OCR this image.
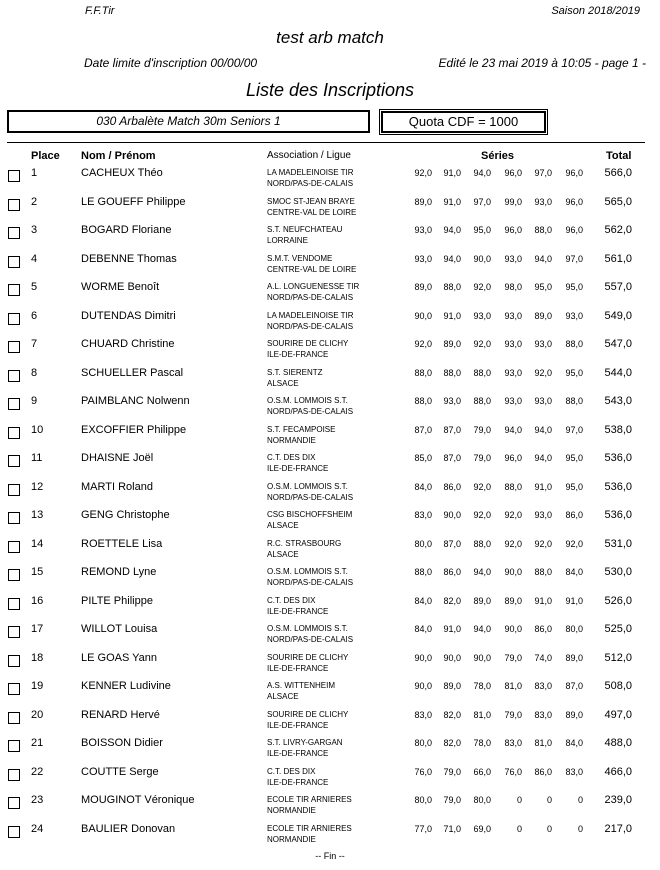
F.F.Tir	Saison 2018/2019
test arb match
Date limite d'inscription 00/00/00	Edité le 23 mai 2019 à 10:05 - page 1 -
Liste des Inscriptions
030 Arbalète Match 30m Seniors 1	Quota CDF = 1000
Place Nom / Prénom	Association / Ligue	Séries	Total
1	CACHEUX Théo	LA MADELEINOISE TIR
NORD/PAS-DE-CALAIS
92,0	91,0	94,0	96,0	97,0	96,0 566,0
2	LE GOUEFF Philippe	SMOC ST-JEAN BRAYE
CENTRE-VAL DE LOIRE
89,0	91,0	97,0	99,0	93,0	96,0 565,0
3	BOGARD Floriane	S.T. NEUFCHATEAU
LORRAINE
93,0	94,0	95,0	96,0	88,0	96,0 562,0
4	DEBENNE Thomas	S.M.T. VENDOME
CENTRE-VAL DE LOIRE
93,0	94,0	90,0	93,0	94,0	97,0 561,0
5	WORME Benoît	A.L. LONGUENESSE TIR
NORD/PAS-DE-CALAIS
89,0	88,0	92,0	98,0	95,0	95,0 557,0
6	DUTENDAS Dimitri	LA MADELEINOISE TIR
NORD/PAS-DE-CALAIS
90,0	91,0	93,0	93,0	89,0	93,0 549,0
7	CHUARD Christine	SOURIRE DE CLICHY
ILE-DE-FRANCE
92,0	89,0	92,0	93,0	93,0	88,0 547,0
8	SCHUELLER Pascal	S.T. SIERENTZ
ALSACE
88,0	88,0	88,0	93,0	92,0	95,0 544,0
9	PAIMBLANC Nolwenn	O.S.M. LOMMOIS S.T.
NORD/PAS-DE-CALAIS
88,0	93,0	88,0	93,0	93,0	88,0 543,0
10	EXCOFFIER Philippe	S.T. FECAMPOISE
NORMANDIE
87,0	87,0	79,0	94,0	94,0	97,0 538,0
11	DHAISNE Joël	C.T. DES DIX
ILE-DE-FRANCE
85,0	87,0	79,0	96,0	94,0	95,0 536,0
12	MARTI Roland	O.S.M. LOMMOIS S.T.
NORD/PAS-DE-CALAIS
84,0	86,0	92,0	88,0	91,0	95,0 536,0
13	GENG Christophe	CSG BISCHOFFSHEIM
ALSACE
83,0	90,0	92,0	92,0	93,0	86,0 536,0
14	ROETTELE Lisa	R.C. STRASBOURG
ALSACE
80,0	87,0	88,0	92,0	92,0	92,0 531,0
15	REMOND Lyne	O.S.M. LOMMOIS S.T.
NORD/PAS-DE-CALAIS
88,0	86,0	94,0	90,0	88,0	84,0 530,0
16	PILTE Philippe	C.T. DES DIX
ILE-DE-FRANCE
84,0	82,0	89,0	89,0	91,0	91,0 526,0
17	WILLOT Louisa	O.S.M. LOMMOIS S.T.
NORD/PAS-DE-CALAIS
84,0	91,0	94,0	90,0	86,0	80,0 525,0
18	LE GOAS Yann	SOURIRE DE CLICHY
ILE-DE-FRANCE
90,0	90,0	90,0	79,0	74,0	89,0 512,0
19	KENNER Ludivine	A.S. WITTENHEIM
ALSACE
90,0	89,0	78,0	81,0	83,0	87,0 508,0
20	RENARD Hervé	SOURIRE DE CLICHY
ILE-DE-FRANCE
83,0	82,0	81,0	79,0	83,0	89,0 497,0
21	BOISSON Didier	S.T. LIVRY-GARGAN
ILE-DE-FRANCE
80,0	82,0	78,0	83,0	81,0	84,0 488,0
22	COUTTE Serge	C.T. DES DIX
ILE-DE-FRANCE
76,0	79,0	66,0	76,0	86,0	83,0 466,0
23	MOUGINOT Véronique	ECOLE TIR ARNIERES
NORMANDIE
80,0	79,0	80,0	0	0	0 239,0
24	BAULIER Donovan	ECOLE TIR ARNIERES
NORMANDIE
77,0	71,0	69,0	0	0	0 217,0
-- Fin --
